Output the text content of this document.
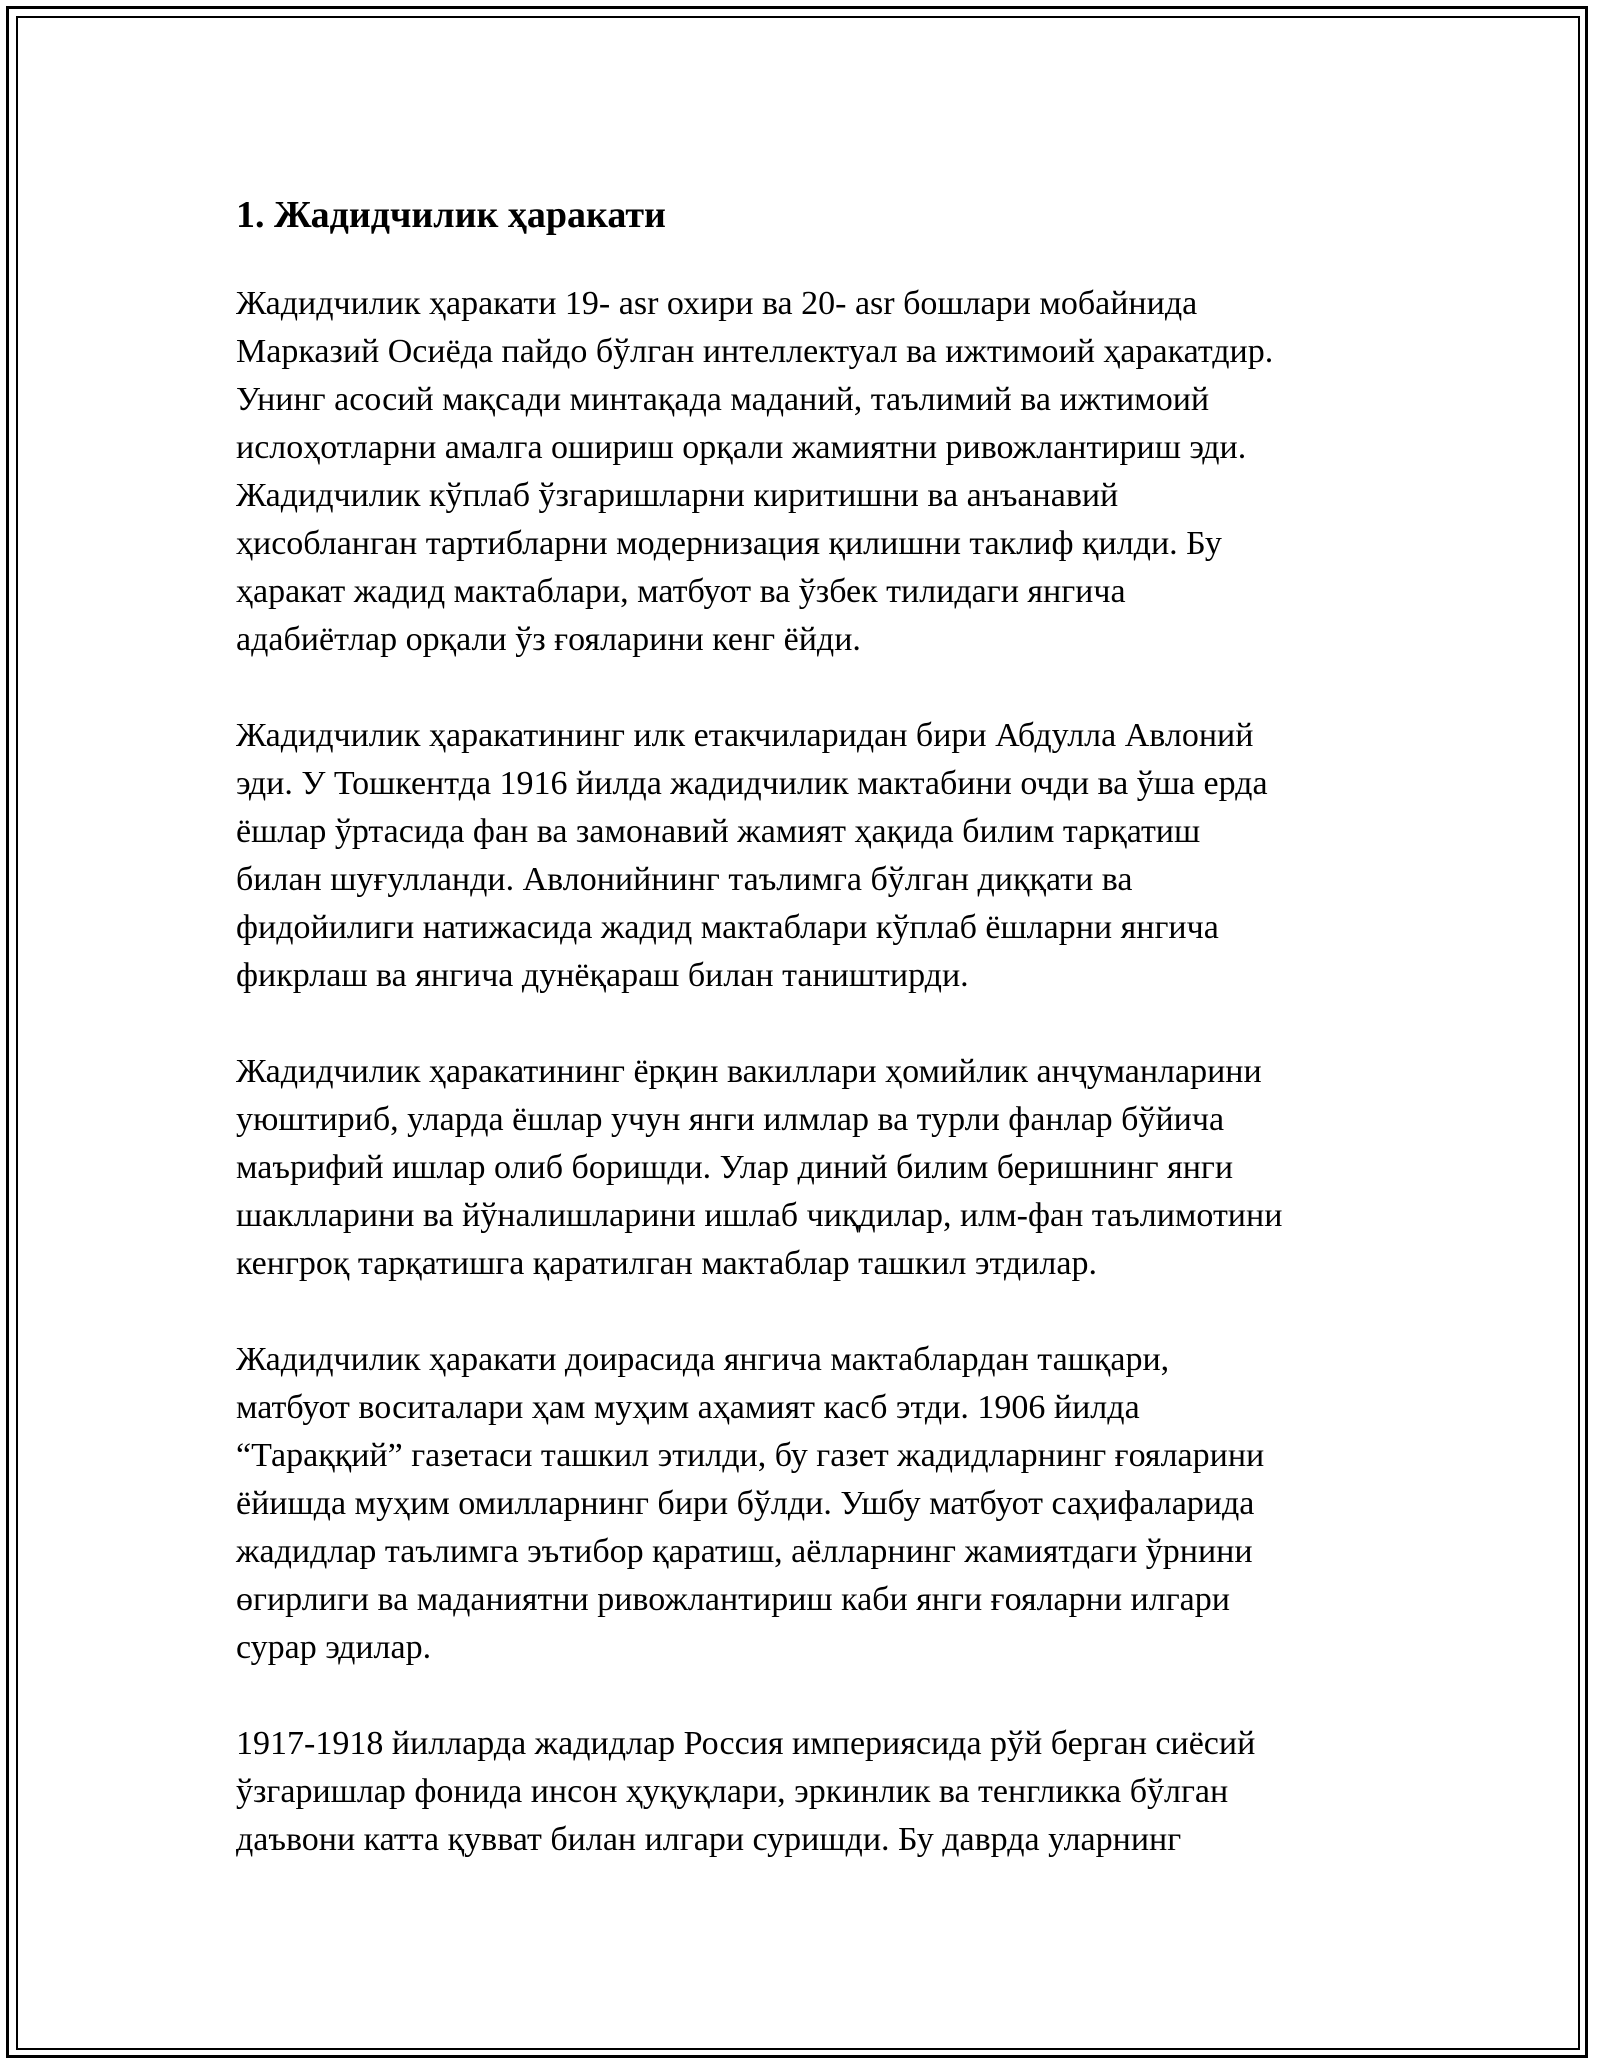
1. Жадидчилик ҳаракати

Жадидчилик ҳаракати 19- asr охири ва 20- asr бошлари мобайнида
Марказий Осиёда пайдо бўлган интеллектуал ва ижтимоий ҳаракатдир.
Унинг асосий мақсади минтақада маданий, таълимий ва ижтимоий
ислоҳотларни амалга ошириш орқали жамиятни ривожлантириш эди.
Жадидчилик кўплаб ўзгаришларни киритишни ва анъанавий
ҳисобланган тартибларни модернизация қилишни таклиф қилди. Бу
ҳаракат жадид мактаблари, матбуот ва ўзбек тилидаги янгича
адабиётлар орқали ўз ғояларини кенг ёйди.

Жадидчилик ҳаракатининг илк етакчиларидан бири Абдулла Авлоний
эди. У Тошкентда 1916 йилда жадидчилик мактабини очди ва ўша ерда
ёшлар ўртасида фан ва замонавий жамият ҳақида билим тарқатиш
билан шуғулланди. Авлонийнинг таълимга бўлган диққати ва
фидойилиги натижасида жадид мактаблари кўплаб ёшларни янгича
фикрлаш ва янгича дунёқараш билан таништирди.

Жадидчилик ҳаракатининг ёрқин вакиллари ҳомийлик анҷуманларини
уюштириб, уларда ёшлар учун янги илмлар ва турли фанлар бўйича
маърифий ишлар олиб боришди. Улар диний билим беришнинг янги
шаклларини ва йўналишларини ишлаб чиқдилар, илм-фан таълимотини
кенгроқ тарқатишга қаратилган мактаблар ташкил этдилар.

Жадидчилик ҳаракати доирасида янгича мактаблардан ташқари,
матбуот воситалари ҳам муҳим аҳамият касб этди. 1906 йилда
“Тараққий” газетаси ташкил этилди, бу газет жадидларнинг ғояларини
ёйишда муҳим омилларнинг бири бўлди. Ушбу матбуот саҳифаларида
жадидлар таълимга эътибор қаратиш, аёлларнинг жамиятдаги ўрнини
өгирлиги ва маданиятни ривожлантириш каби янги ғояларни илгари
сурар эдилар.

1917-1918 йилларда жадидлар Россия империясида рўй берган сиёсий
ўзгаришлар фонида инсон ҳуқуқлари, эркинлик ва тенгликка бўлган
даъвони катта қувват билан илгари суришди. Бу даврда уларнинг
